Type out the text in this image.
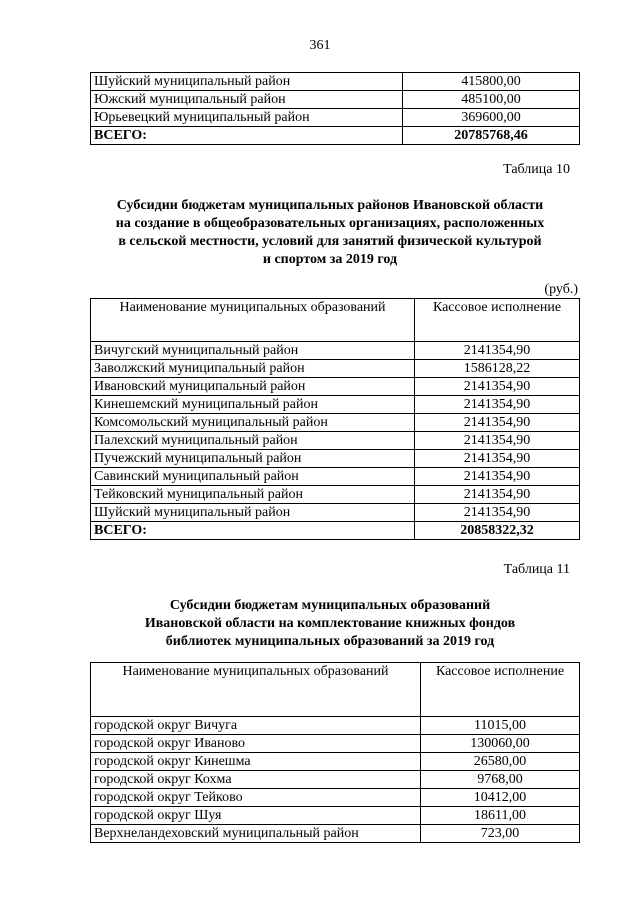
361
Шуйский муниципальный район	415800,00
Южский муниципальный район	485100,00
Юрьевецкий муниципальный район	369600,00
ВСЕГО:	20785768,46
Таблица 10
Субсидии бюджетам муниципальных районов Ивановской области
на создание в общеобразовательных организациях, расположенных
в сельской местности, условий для занятий физической культурой
и спортом за 2019 год
(руб.)
Наименование муниципальных образований	Кассовое исполнение
Вичугский муниципальный район	2141354,90
Заволжский муниципальный район	1586128,22
Ивановский муниципальный район	2141354,90
Кинешемский муниципальный район	2141354,90
Комсомольский муниципальный район	2141354,90
Палехский муниципальный район	2141354,90
Пучежский муниципальный район	2141354,90
Савинский муниципальный район	2141354,90
Тейковский муниципальный район	2141354,90
Шуйский муниципальный район	2141354,90
ВСЕГО:	20858322,32
Таблица 11
Субсидии бюджетам муниципальных образований
Ивановской области на комплектование книжных фондов
библиотек муниципальных образований за 2019 год
Наименование муниципальных образований	Кассовое исполнение
городской округ Вичуга	11015,00
городской округ Иваново	130060,00
городской округ Кинешма	26580,00
городской округ Кохма	9768,00
городской округ Тейково	10412,00
городской округ Шуя	18611,00
Верхнеландеховский муниципальный район	723,00
